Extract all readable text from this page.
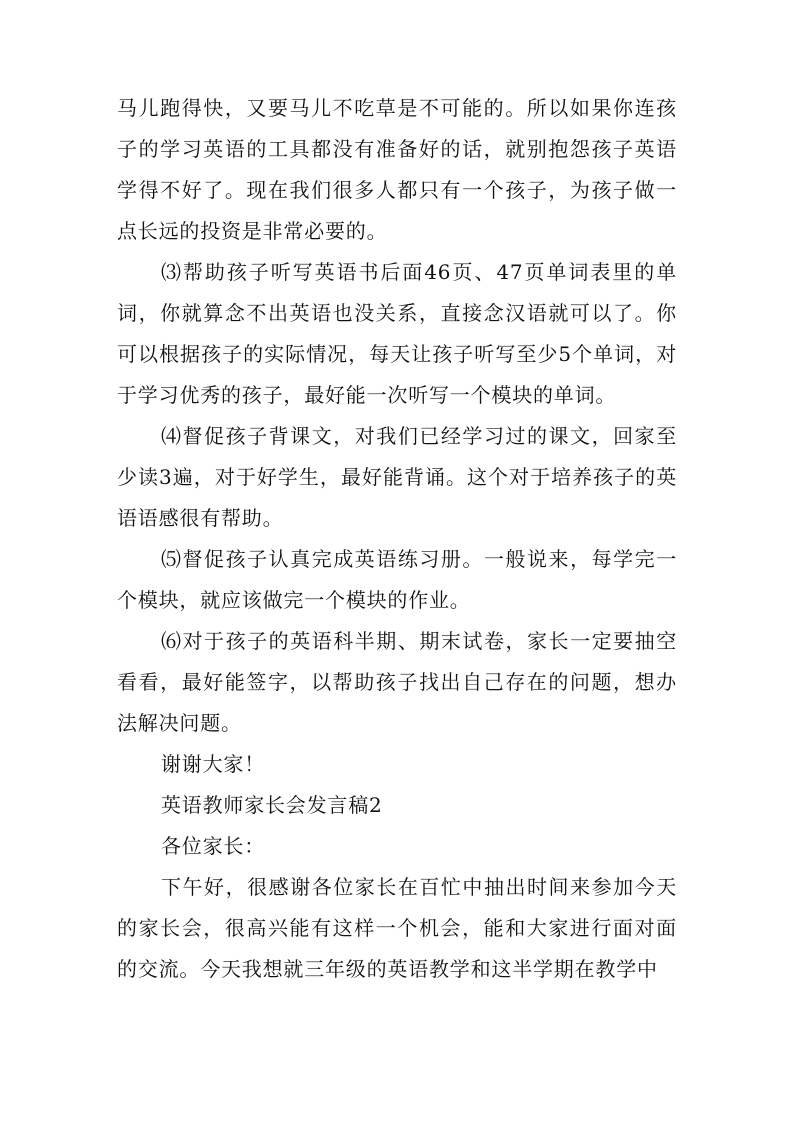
马儿跑得快，又要马儿不吃草是不可能的。所以如果你连孩子的学习英语的工具都没有准备好的话，就别抱怨孩子英语学得不好了。现在我们很多人都只有一个孩子，为孩子做一点长远的投资是非常必要的。

⑶帮助孩子听写英语书后面46页、47页单词表里的单词，你就算念不出英语也没关系，直接念汉语就可以了。你可以根据孩子的实际情况，每天让孩子听写至少5个单词，对于学习优秀的孩子，最好能一次听写一个模块的单词。

⑷督促孩子背课文，对我们已经学习过的课文，回家至少读3遍，对于好学生，最好能背诵。这个对于培养孩子的英语语感很有帮助。

⑸督促孩子认真完成英语练习册。一般说来，每学完一个模块，就应该做完一个模块的作业。

⑹对于孩子的英语科半期、期末试卷，家长一定要抽空看看，最好能签字，以帮助孩子找出自己存在的问题，想办法解决问题。

谢谢大家！

英语教师家长会发言稿2

各位家长：

下午好，很感谢各位家长在百忙中抽出时间来参加今天的家长会，很高兴能有这样一个机会，能和大家进行面对面的交流。今天我想就三年级的英语教学和这半学期在教学中
